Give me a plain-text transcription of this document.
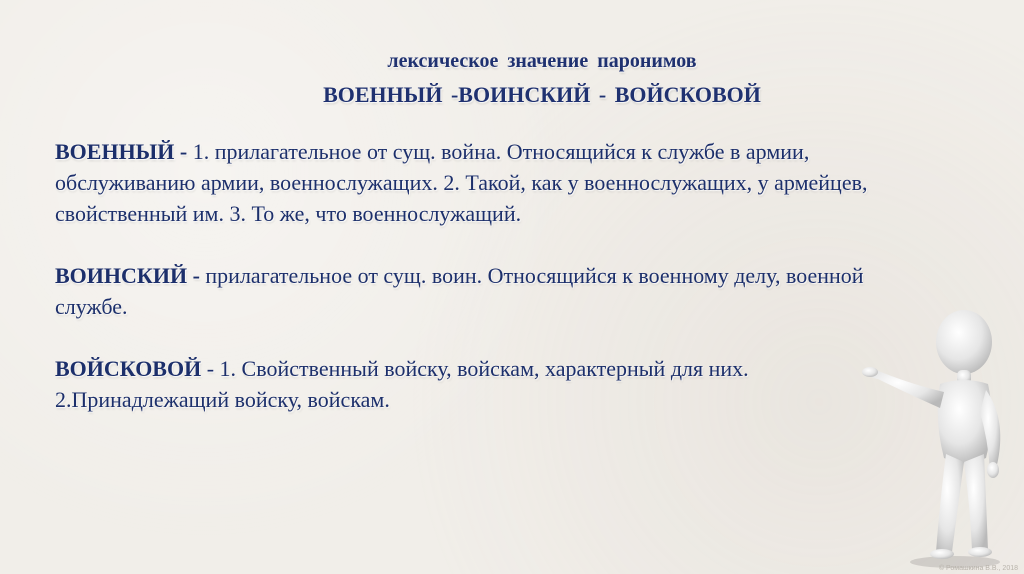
лексическое значение паронимов
ВОЕННЫЙ -ВОИНСКИЙ - ВОЙСКОВОЙ

ВОЕННЫЙ - 1. прилагательное от сущ. война. Относящийся к службе в армии, обслуживанию армии, военнослужащих. 2. Такой, как у военнослужащих, у армейцев, свойственный им. 3. То же, что военнослужащий.

ВОИНСКИЙ - прилагательное от сущ. воин. Относящийся к военному делу, военной службе.

ВОЙСКОВОЙ - 1. Свойственный войску, войскам, характерный для них. 2.Принадлежащий войску, войскам.

© Ромашкина В.В., 2018
